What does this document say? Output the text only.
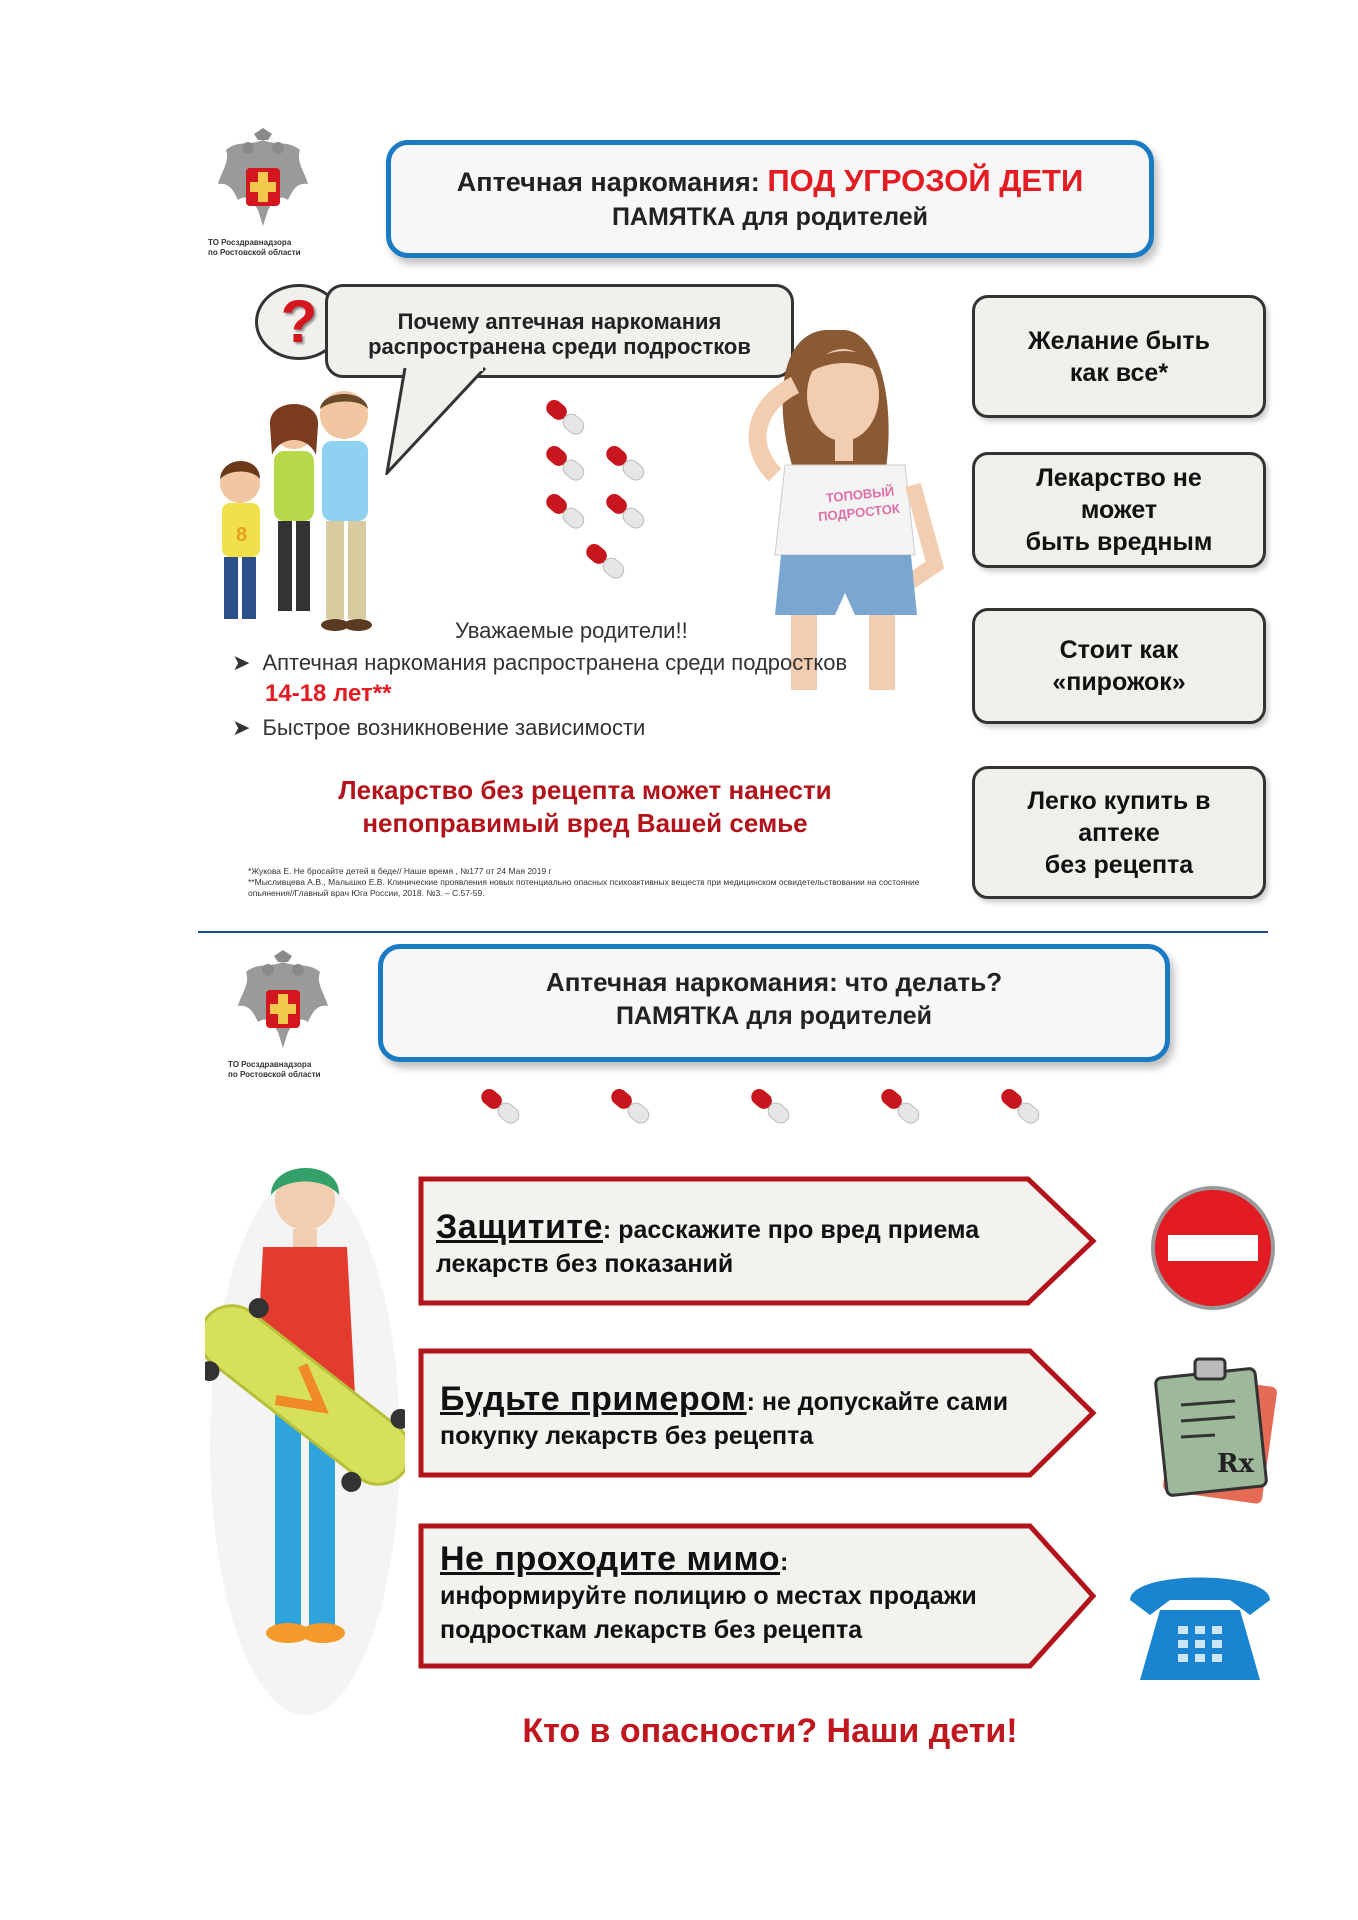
ТО Росздравнадзора
по Ростовской области
Аптечная наркомания: ПОД УГРОЗОЙ ДЕТИ
ПАМЯТКА для родителей
?	Почему аптечная наркомания распространена среди подростков
8
ТОПОВЫЙ
ПОДРОСТОК
Желание быть
как все*
Лекарство не
может
быть вредным
Стоит как
«пирожок»
Легко купить в
аптеке
без рецепта
Уважаемые родители!!
➤ Аптечная наркомания распространена среди подростков
14-18 лет**
➤ Быстрое возникновение зависимости
Лекарство без рецепта может нанести
непоправимый вред Вашей семье
*Жукова Е. Не бросайте детей в беде// Наше время , №177 от 24 Мая 2019 г
**Мысливцева А.В., Малышко Е.В. Клинические проявления новых потенциально опасных психоактивных веществ при медицинском освидетельствовании на состояние опьянения//Главный врач Юга России, 2018. №3. – С.57-59.
ТО Росздравнадзора
по Ростовской области
Аптечная наркомания: что делать?
ПАМЯТКА для родителей
Защитите: расскажите про вред приема лекарств без показаний
Будьте примером: не допускайте сами покупку лекарств без рецепта
Не проходите мимо:
информируйте полицию о местах продажи подросткам лекарств без рецепта
Rx
Кто в опасности? Наши дети!
